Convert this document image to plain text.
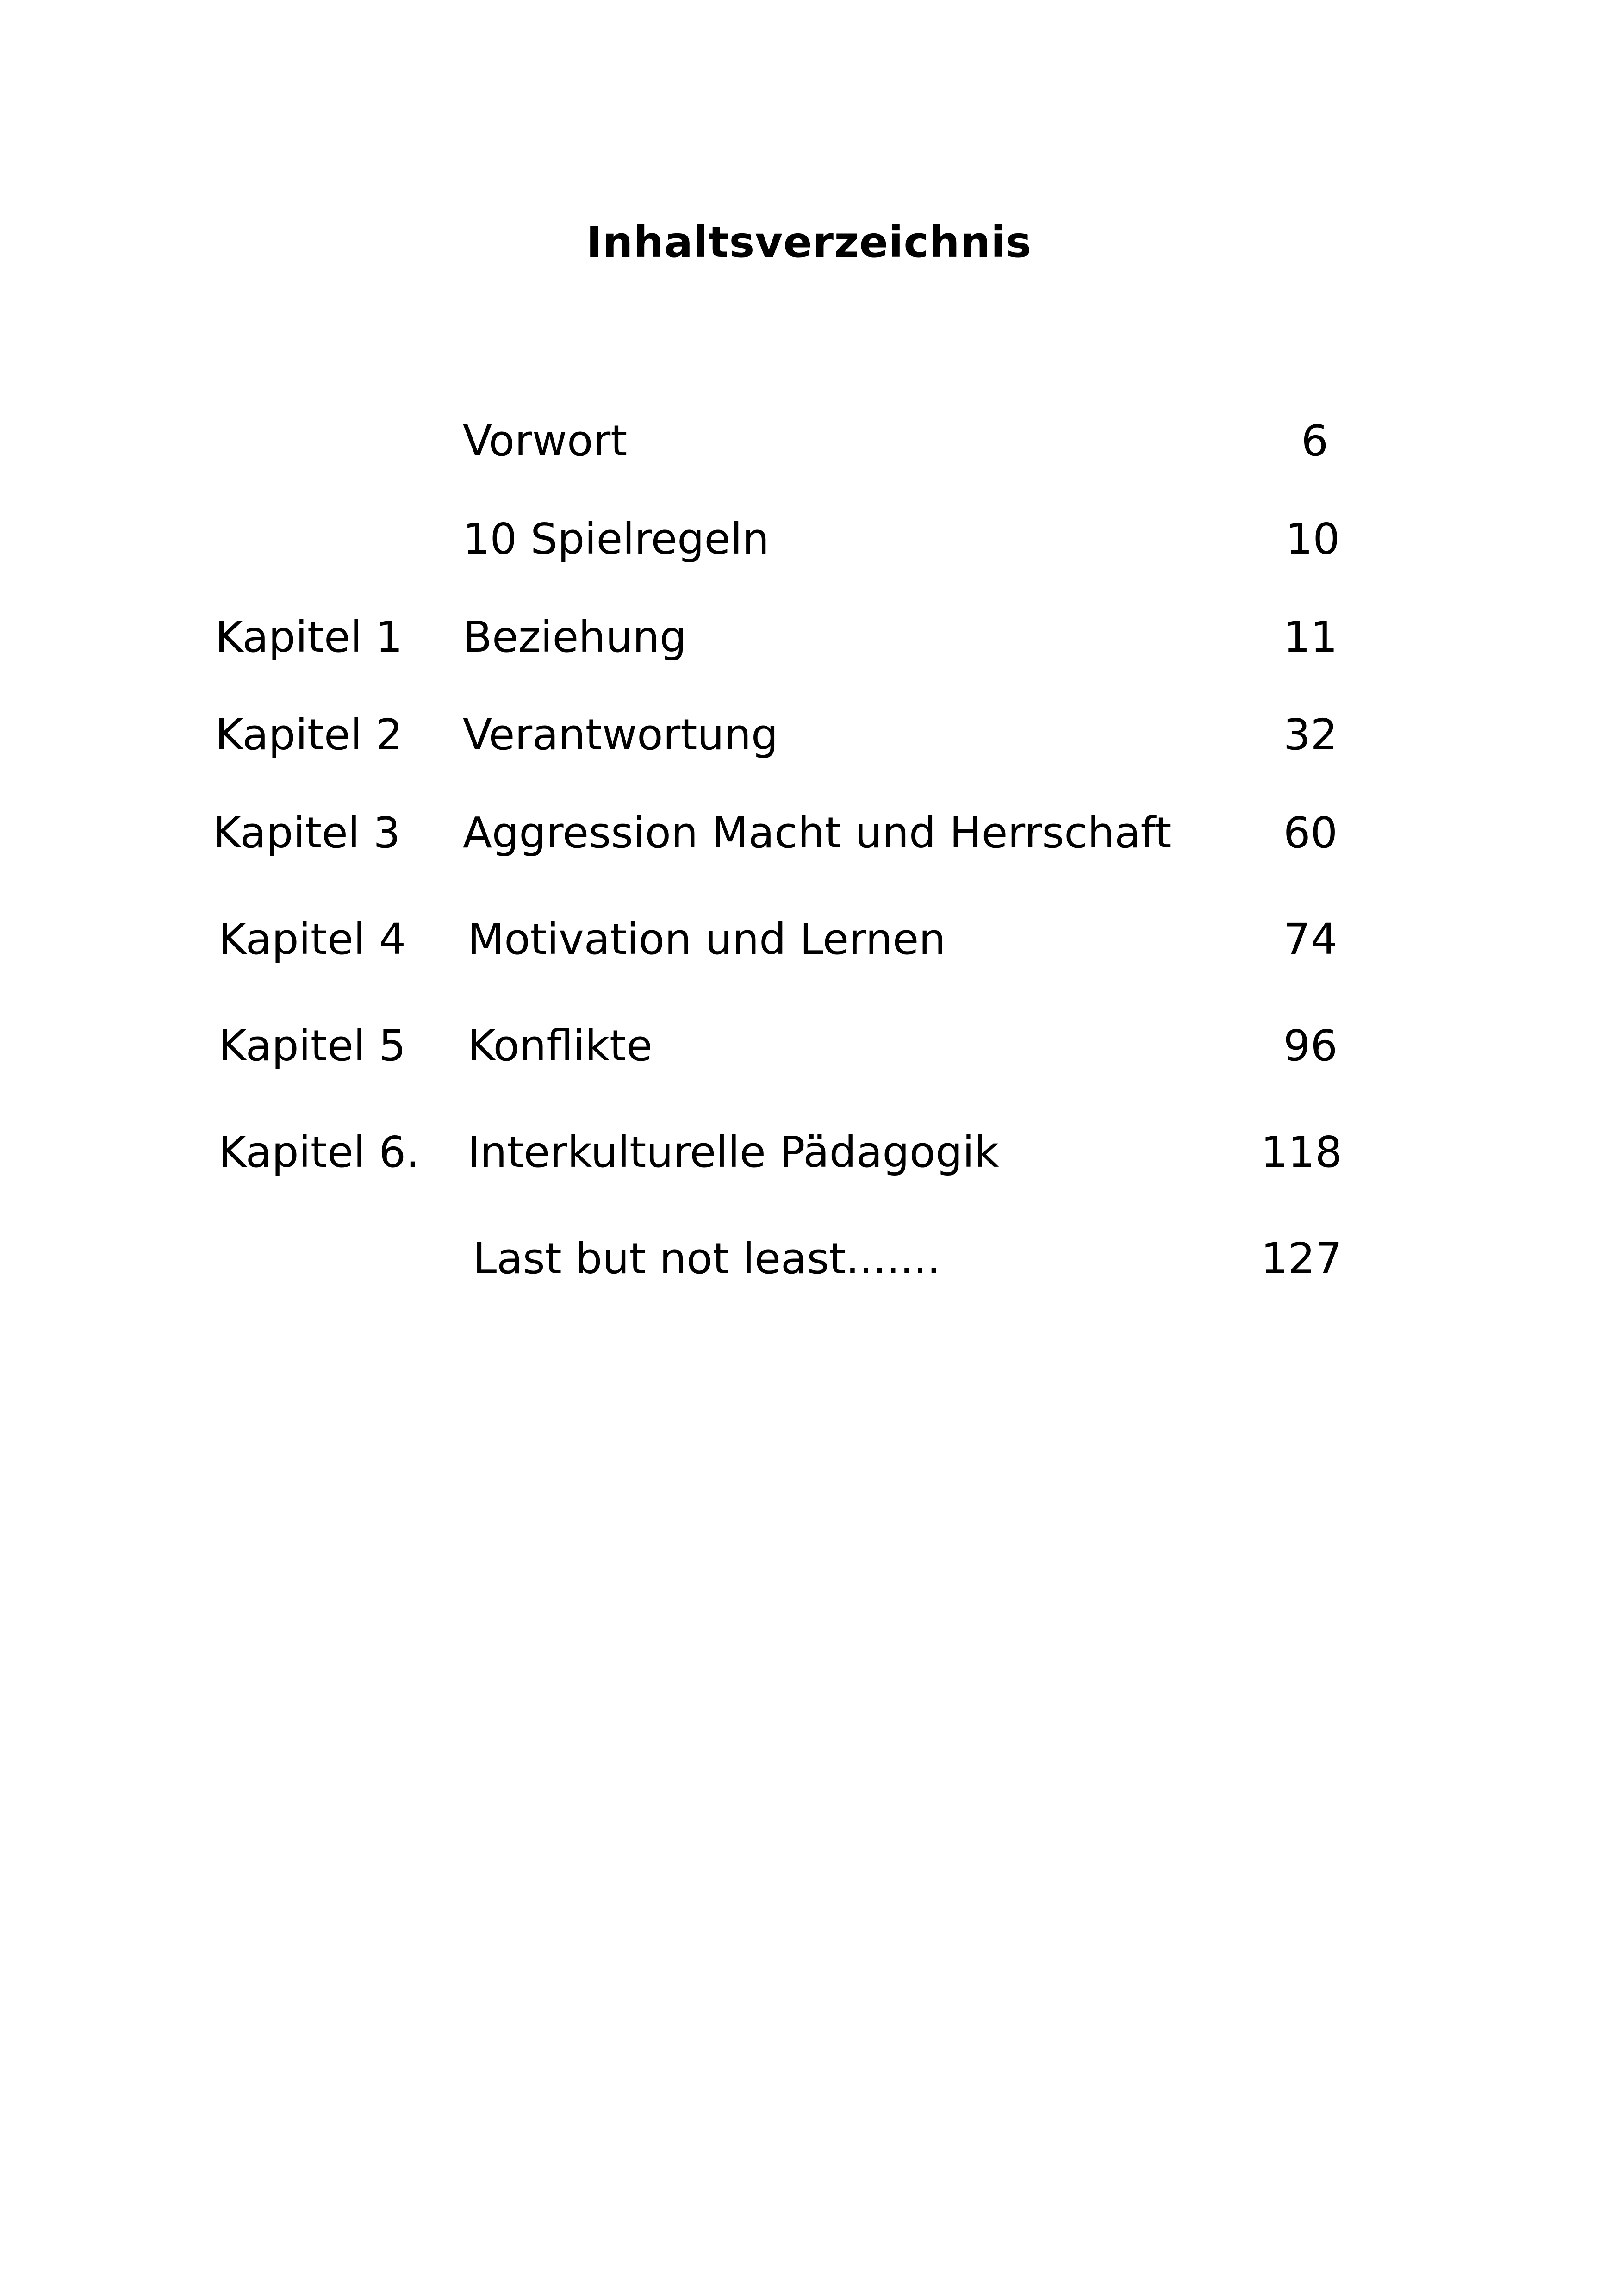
Inhaltsverzeichnis
Vorwort	6
10 Spielregeln	10
Kapitel 1 Beziehung	11
Kapitel 2 Verantwortung	32
Kapitel 3 Aggression Macht und Herrschaft	60
Kapitel 4 Motivation und Lernen	74
Kapitel 5 Konflikte	96
Kapitel 6. Interkulturelle Pädagogik	118
Last but not least.......	127
